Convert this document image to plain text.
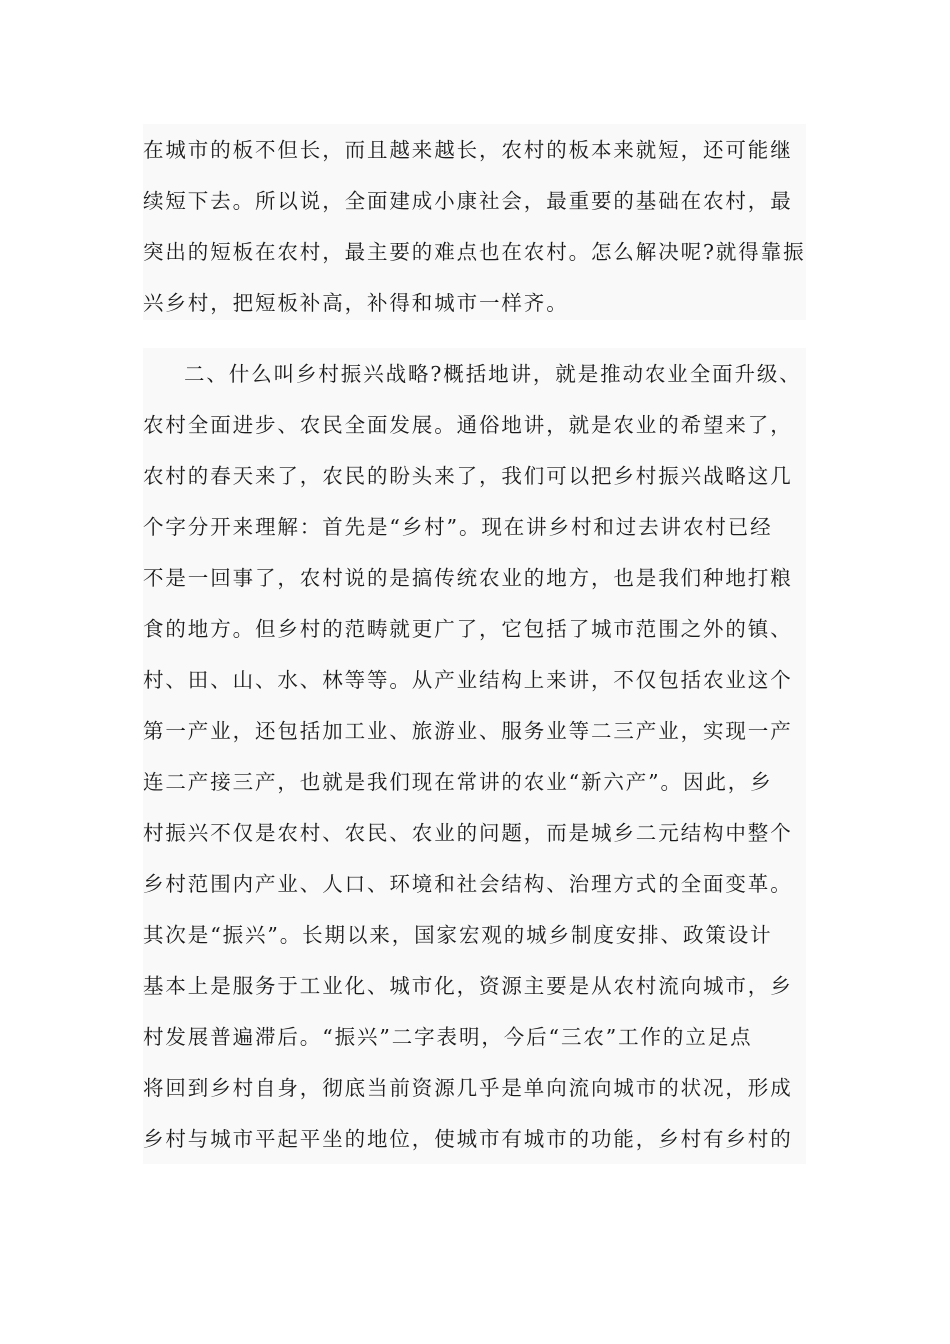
在城市的板不但长，而且越来越长，农村的板本来就短，还可能继
续短下去。所以说，全面建成小康社会，最重要的基础在农村，最
突出的短板在农村，最主要的难点也在农村。怎么解决呢?就得靠振
兴乡村，把短板补高，补得和城市一样齐。
二、什么叫乡村振兴战略?概括地讲，就是推动农业全面升级、
农村全面进步、农民全面发展。通俗地讲，就是农业的希望来了，
农村的春天来了，农民的盼头来了，我们可以把乡村振兴战略这几
个字分开来理解：首先是“乡村”。现在讲乡村和过去讲农村已经
不是一回事了，农村说的是搞传统农业的地方，也是我们种地打粮
食的地方。但乡村的范畴就更广了，它包括了城市范围之外的镇、
村、田、山、水、林等等。从产业结构上来讲，不仅包括农业这个
第一产业，还包括加工业、旅游业、服务业等二三产业，实现一产
连二产接三产，也就是我们现在常讲的农业“新六产”。因此，乡
村振兴不仅是农村、农民、农业的问题，而是城乡二元结构中整个
乡村范围内产业、人口、环境和社会结构、治理方式的全面变革。
其次是“振兴”。长期以来，国家宏观的城乡制度安排、政策设计
基本上是服务于工业化、城市化，资源主要是从农村流向城市，乡
村发展普遍滞后。“振兴”二字表明，今后“三农”工作的立足点
将回到乡村自身，彻底当前资源几乎是单向流向城市的状况，形成
乡村与城市平起平坐的地位，使城市有城市的功能，乡村有乡村的
